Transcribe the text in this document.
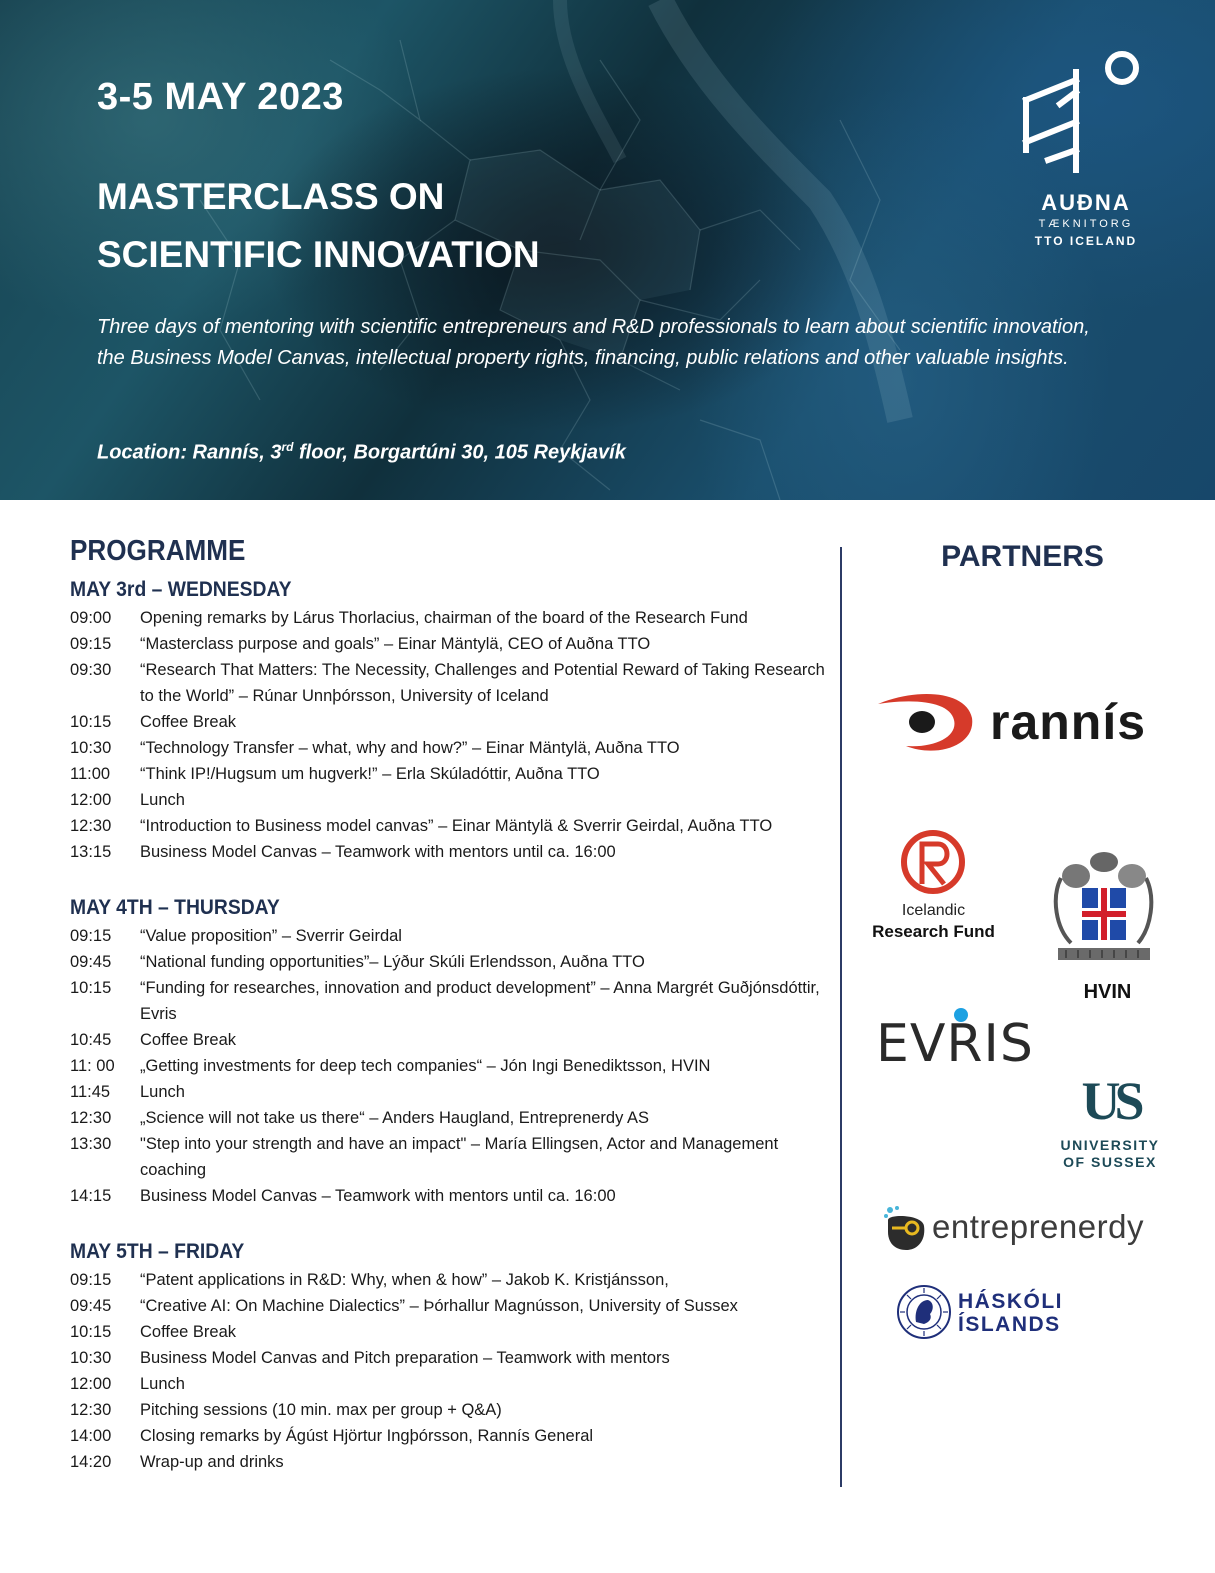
3-5 MAY 2023
MASTERCLASS ON
SCIENTIFIC INNOVATION
Three days of mentoring with scientific entrepreneurs and R&D professionals to learn about scientific innovation, the Business Model Canvas, intellectual property rights, financing, public relations and other valuable insights.
Location: Rannís, 3rd floor, Borgartúni 30, 105 Reykjavík
AUÐNA
TÆKNITORG
TTO ICELAND
PROGRAMME
MAY 3rd – WEDNESDAY
09:00	Opening remarks by Lárus Thorlacius, chairman of the board of the Research Fund
09:15	“Masterclass purpose and goals” – Einar Mäntylä, CEO of Auðna TTO
09:30	“Research That Matters: The Necessity, Challenges and Potential Reward of Taking Research to the World” – Rúnar Unnþórsson, University of Iceland
10:15	Coffee Break
10:30	“Technology Transfer – what, why and how?” – Einar Mäntylä, Auðna TTO
11:00	“Think IP!/Hugsum um hugverk!” – Erla Skúladóttir, Auðna TTO
12:00	Lunch
12:30	“Introduction to Business model canvas” – Einar Mäntylä & Sverrir Geirdal, Auðna TTO
13:15	Business Model Canvas – Teamwork with mentors until ca. 16:00
MAY 4TH – THURSDAY
09:15	“Value proposition” – Sverrir Geirdal
09:45	“National funding opportunities”– Lýður Skúli Erlendsson, Auðna TTO
10:15	“Funding for researches, innovation and product development” – Anna Margrét Guðjónsdóttir, Evris
10:45	Coffee Break
11: 00	„Getting investments for deep tech companies“ – Jón Ingi Benediktsson, HVIN
11:45	Lunch
12:30	„Science will not take us there“ – Anders Haugland, Entreprenerdy AS
13:30	"Step into your strength and have an impact" – María Ellingsen, Actor and Management coaching
14:15	Business Model Canvas – Teamwork with mentors until ca. 16:00
MAY 5TH – FRIDAY
09:15	“Patent applications in R&D: Why, when & how” – Jakob K. Kristjánsson,
09:45	“Creative AI: On Machine Dialectics” – Þórhallur Magnússon, University of Sussex
10:15	Coffee Break
10:30	Business Model Canvas and Pitch preparation – Teamwork with mentors
12:00	Lunch
12:30	Pitching sessions (10 min. max per group + Q&A)
14:00	Closing remarks by Ágúst Hjörtur Ingþórsson, Rannís General
14:20	Wrap-up and drinks
PARTNERS
rannís
Icelandic
Research Fund
HVIN
EVRIS
US
UNIVERSITY
OF SUSSEX
entreprenerdy
HÁSKÓLI
ÍSLANDS
